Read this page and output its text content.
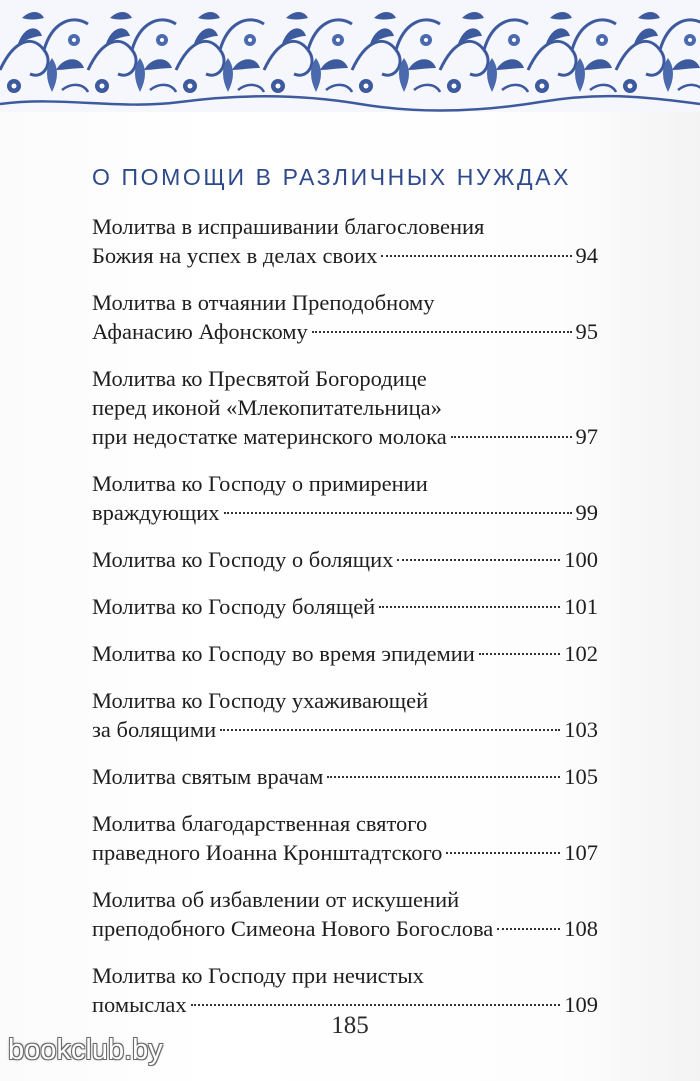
О ПОМОЩИ В РАЗЛИЧНЫХ НУЖДАХ
Молитва в испрашивании благословения
Божия на успех в делах своих	94
Молитва в отчаянии Преподобному
Афанасию Афонскому	95
Молитва ко Пресвятой Богородице
перед иконой «Млекопитательница»
при недостатке материнского молока	97
Молитва ко Господу о примирении
враждующих	99
Молитва ко Господу о болящих	100
Молитва ко Господу болящей	101
Молитва ко Господу во время эпидемии	102
Молитва ко Господу ухаживающей
за болящими	103
Молитва святым врачам	105
Молитва благодарственная святого
праведного Иоанна Кронштадтского	107
Молитва об избавлении от искушений
преподобного Симеона Нового Богослова	108
Молитва ко Господу при нечистых
помыслах	109
185
bookclub.by
